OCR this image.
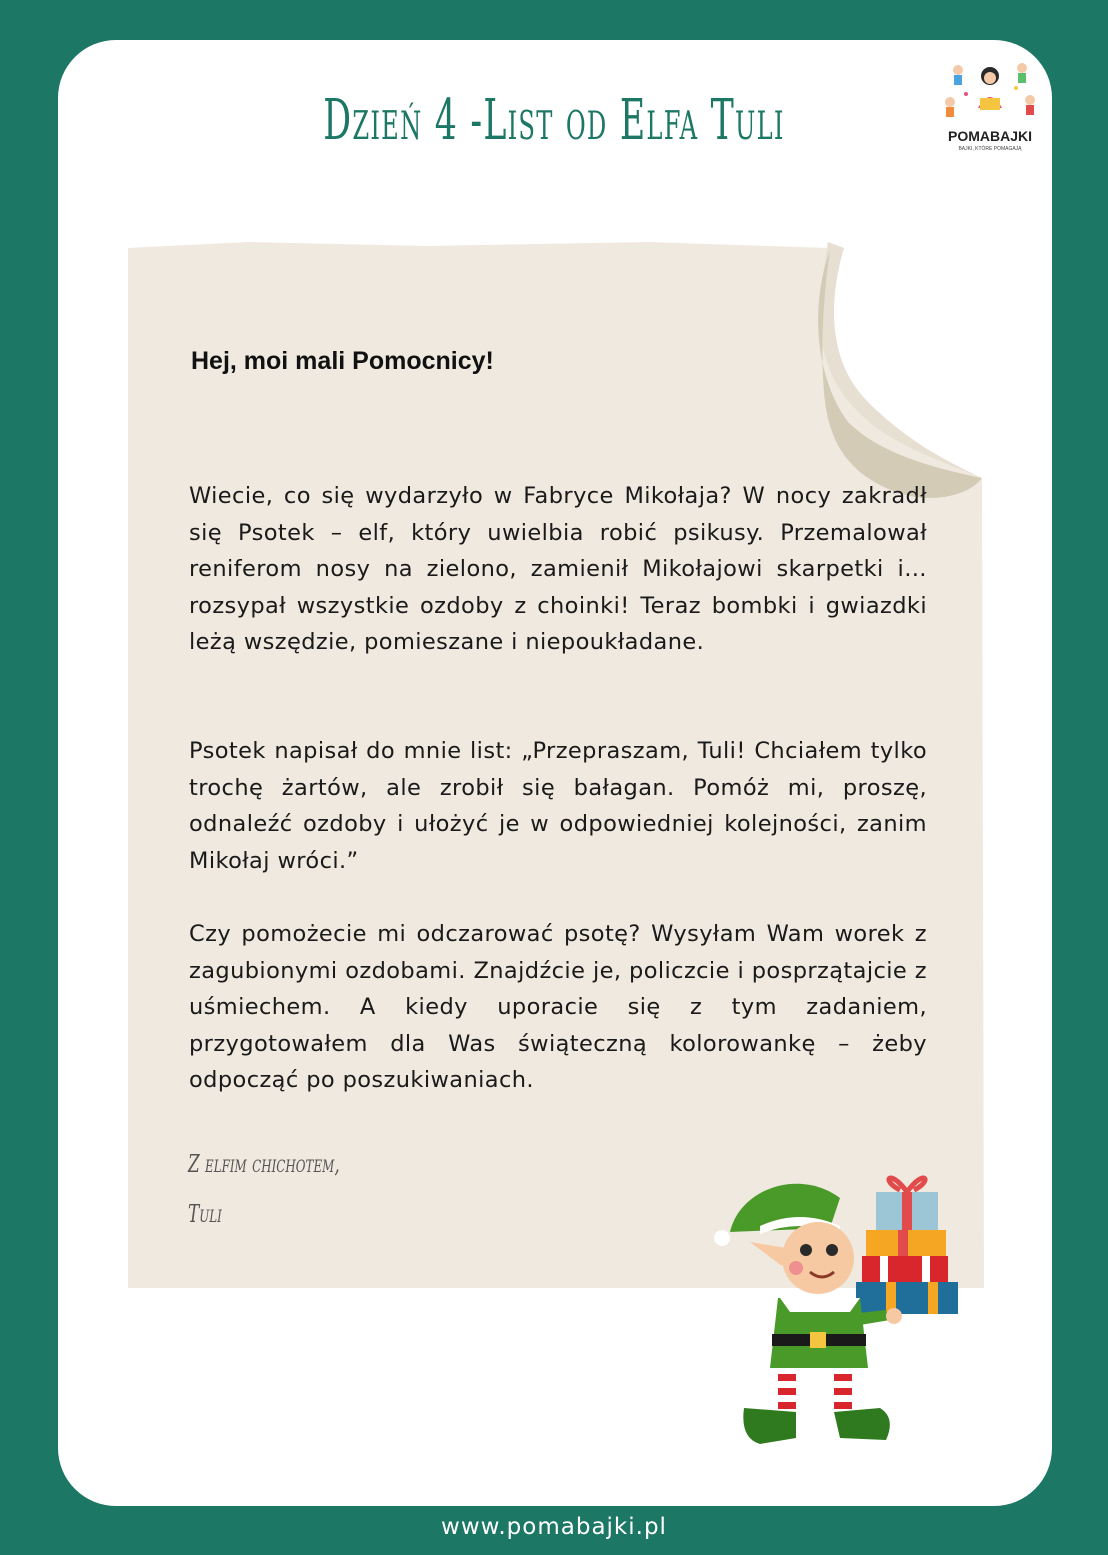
Dzień 4 -List od Elfa Tuli	POMABAJKI
BAJKI, KTÓRE POMAGAJĄ
Hej, moi mali Pomocnicy!
Wiecie, co się wydarzyło w Fabryce Mikołaja? W nocy zakradł się Psotek – elf, który uwielbia robić psikusy. Przemalował reniferom nosy na zielono, zamienił Mikołajowi skarpetki i… rozsypał wszystkie ozdoby z choinki! Teraz bombki i gwiazdki leżą wszędzie, pomieszane i niepoukładane.
Psotek napisał do mnie list: „Przepraszam, Tuli! Chciałem tylko trochę żartów, ale zrobił się bałagan. Pomóż mi, proszę, odnaleźć ozdoby i ułożyć je w odpowiedniej kolejności, zanim Mikołaj wróci.”
Czy pomożecie mi odczarować psotę? Wysyłam Wam worek z zagubionymi ozdobami. Znajdźcie je, policzcie i posprzątajcie z uśmiechem. A kiedy uporacie się z tym zadaniem, przygotowałem dla Was świąteczną kolorowankę – żeby odpocząć po poszukiwaniach.
Z elfim chichotem,
Tuli
www.pomabajki.pl
